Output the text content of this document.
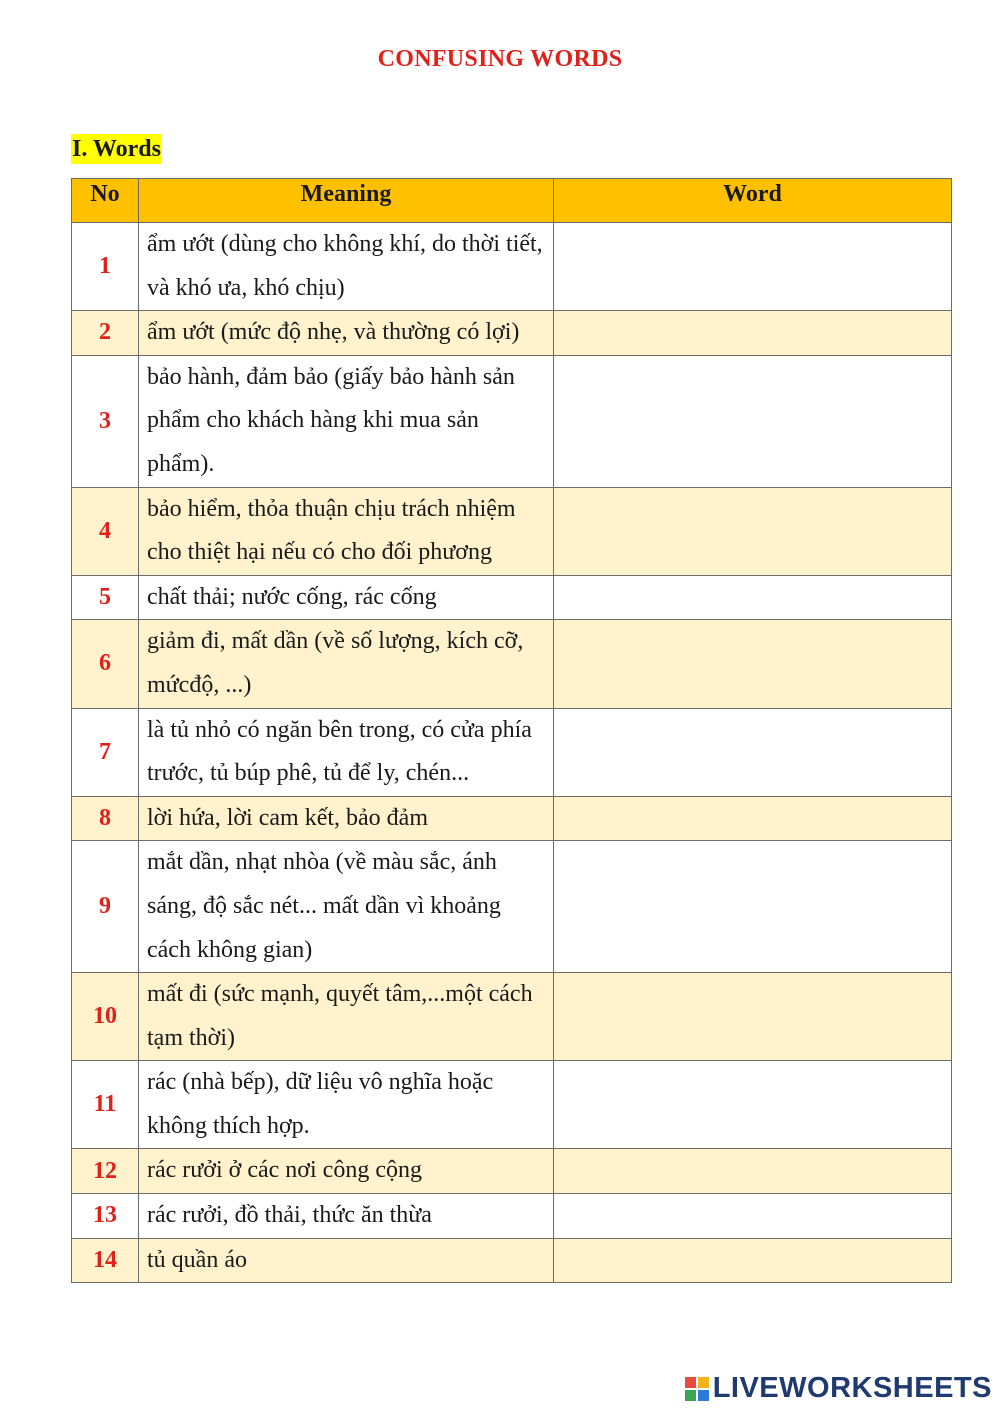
CONFUSING WORDS
I. Words
No	Meaning	Word
1	ẩm ướt (dùng cho không khí, do thời tiết, và khó ưa, khó chịu)	
2	ẩm ướt (mức độ nhẹ, và thường có lợi)	
3	bảo hành, đảm bảo (giấy bảo hành sản phẩm cho khách hàng khi mua sản phẩm).	
4	bảo hiểm, thỏa thuận chịu trách nhiệm cho thiệt hại nếu có cho đối phương	
5	chất thải; nước cống, rác cống	
6	giảm đi, mất dần (về số lượng, kích cỡ, mứcđộ, ...)	
7	là tủ nhỏ có ngăn bên trong, có cửa phía trước, tủ búp phê, tủ để ly, chén...	
8	lời hứa, lời cam kết, bảo đảm	
9	mắt dần, nhạt nhòa (về màu sắc, ánh sáng, độ sắc nét... mất dần vì khoảng cách không gian)	
10	mất đi (sức mạnh, quyết tâm,...một cách tạm thời)	
11	rác (nhà bếp), dữ liệu vô nghĩa hoặc không thích hợp.	
12	rác rưởi ở các nơi công cộng	
13	rác rưởi, đồ thải, thức ăn thừa	
14	tủ quần áo	
LIVEWORKSHEETS
